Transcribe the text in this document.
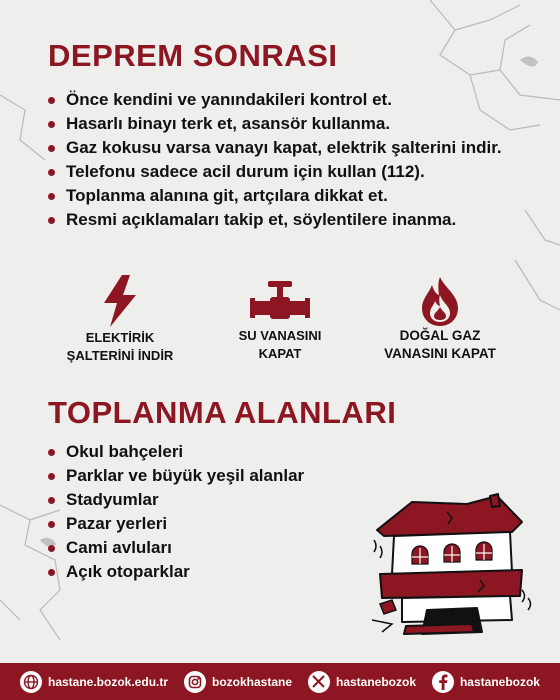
DEPREM SONRASI
Önce kendini ve yanındakileri kontrol et.
Hasarlı binayı terk et, asansör kullanma.
Gaz kokusu varsa vanayı kapat, elektrik şalterini indir.
Telefonu sadece acil durum için kullan (112).
Toplanma alanına git, artçılara dikkat et.
Resmi açıklamaları takip et, söylentilere inanma.
ELEKTİRİK
ŞALTERİNİ İNDİR
SU VANASINI
KAPAT
DOĞAL GAZ
VANASINI KAPAT
TOPLANMA ALANLARI
Okul bahçeleri
Parklar ve büyük yeşil alanlar
Stadyumlar
Pazar yerleri
Cami avluları
Açık otoparklar
hastane.bozok.edu.tr	bozokhastane	hastanebozok	hastanebozok
